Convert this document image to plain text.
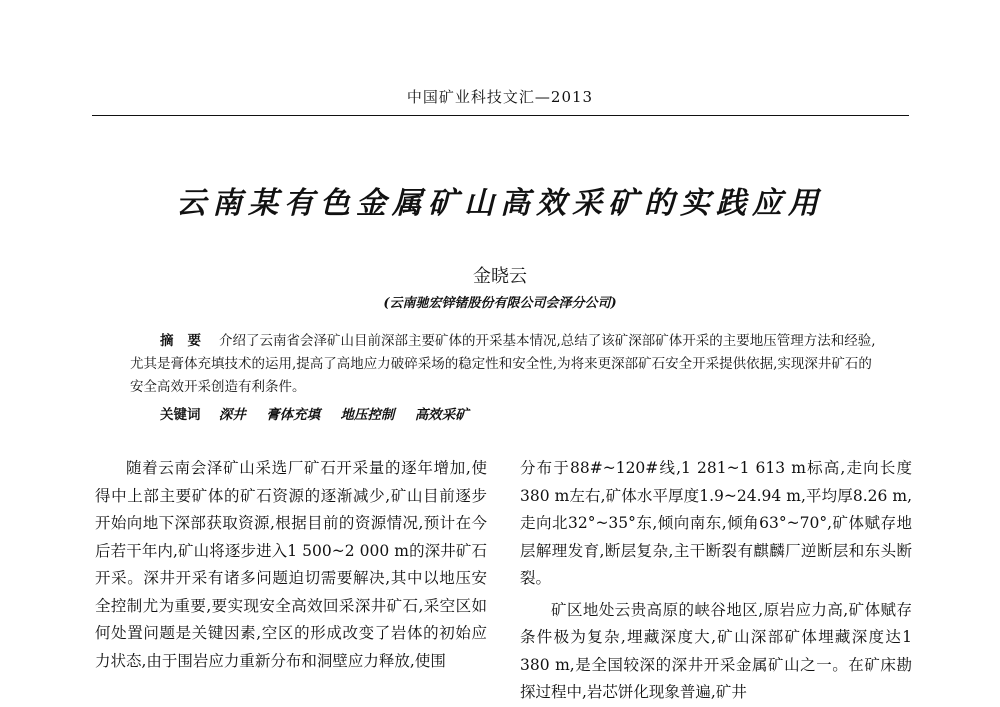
中国矿业科技文汇—2013
云南某有色金属矿山高效采矿的实践应用
金晓云
(云南驰宏锌锗股份有限公司会泽分公司)
摘要 介绍了云南省会泽矿山目前深部主要矿体的开采基本情况,总结了该矿深部矿体开采的主要地压管理方法和经验,尤其是膏体充填技术的运用,提高了高地应力破碎采场的稳定性和安全性,为将来更深部矿石安全开采提供依据,实现深井矿石的安全高效开采创造有利条件。
关键词 深井 膏体充填 地压控制 高效采矿

随着云南会泽矿山采选厂矿石开采量的逐年增加,使得中上部主要矿体的矿石资源的逐渐减少,矿山目前逐步开始向地下深部获取资源,根据目前的资源情况,预计在今后若干年内,矿山将逐步进入1 500~2 000 m的深井矿石开采。深井开采有诸多问题迫切需要解决,其中以地压安全控制尤为重要,要实现安全高效回采深井矿石,采空区如何处置问题是关键因素,空区的形成改变了岩体的初始应力状态,由于围岩应力重新分布和洞壁应力释放,使围

分布于88#~120#线,1 281~1 613 m标高,走向长度380 m左右,矿体水平厚度1.9~24.94 m,平均厚8.26 m,走向北32°~35°东,倾向南东,倾角63°~70°,矿体赋存地层解理发育,断层复杂,主干断裂有麒麟厂逆断层和东头断裂。

矿区地处云贵高原的峡谷地区,原岩应力高,矿体赋存条件极为复杂,埋藏深度大,矿山深部矿体埋藏深度达1 380 m,是全国较深的深井开采金属矿山之一。在矿床勘探过程中,岩芯饼化现象普遍,矿井
